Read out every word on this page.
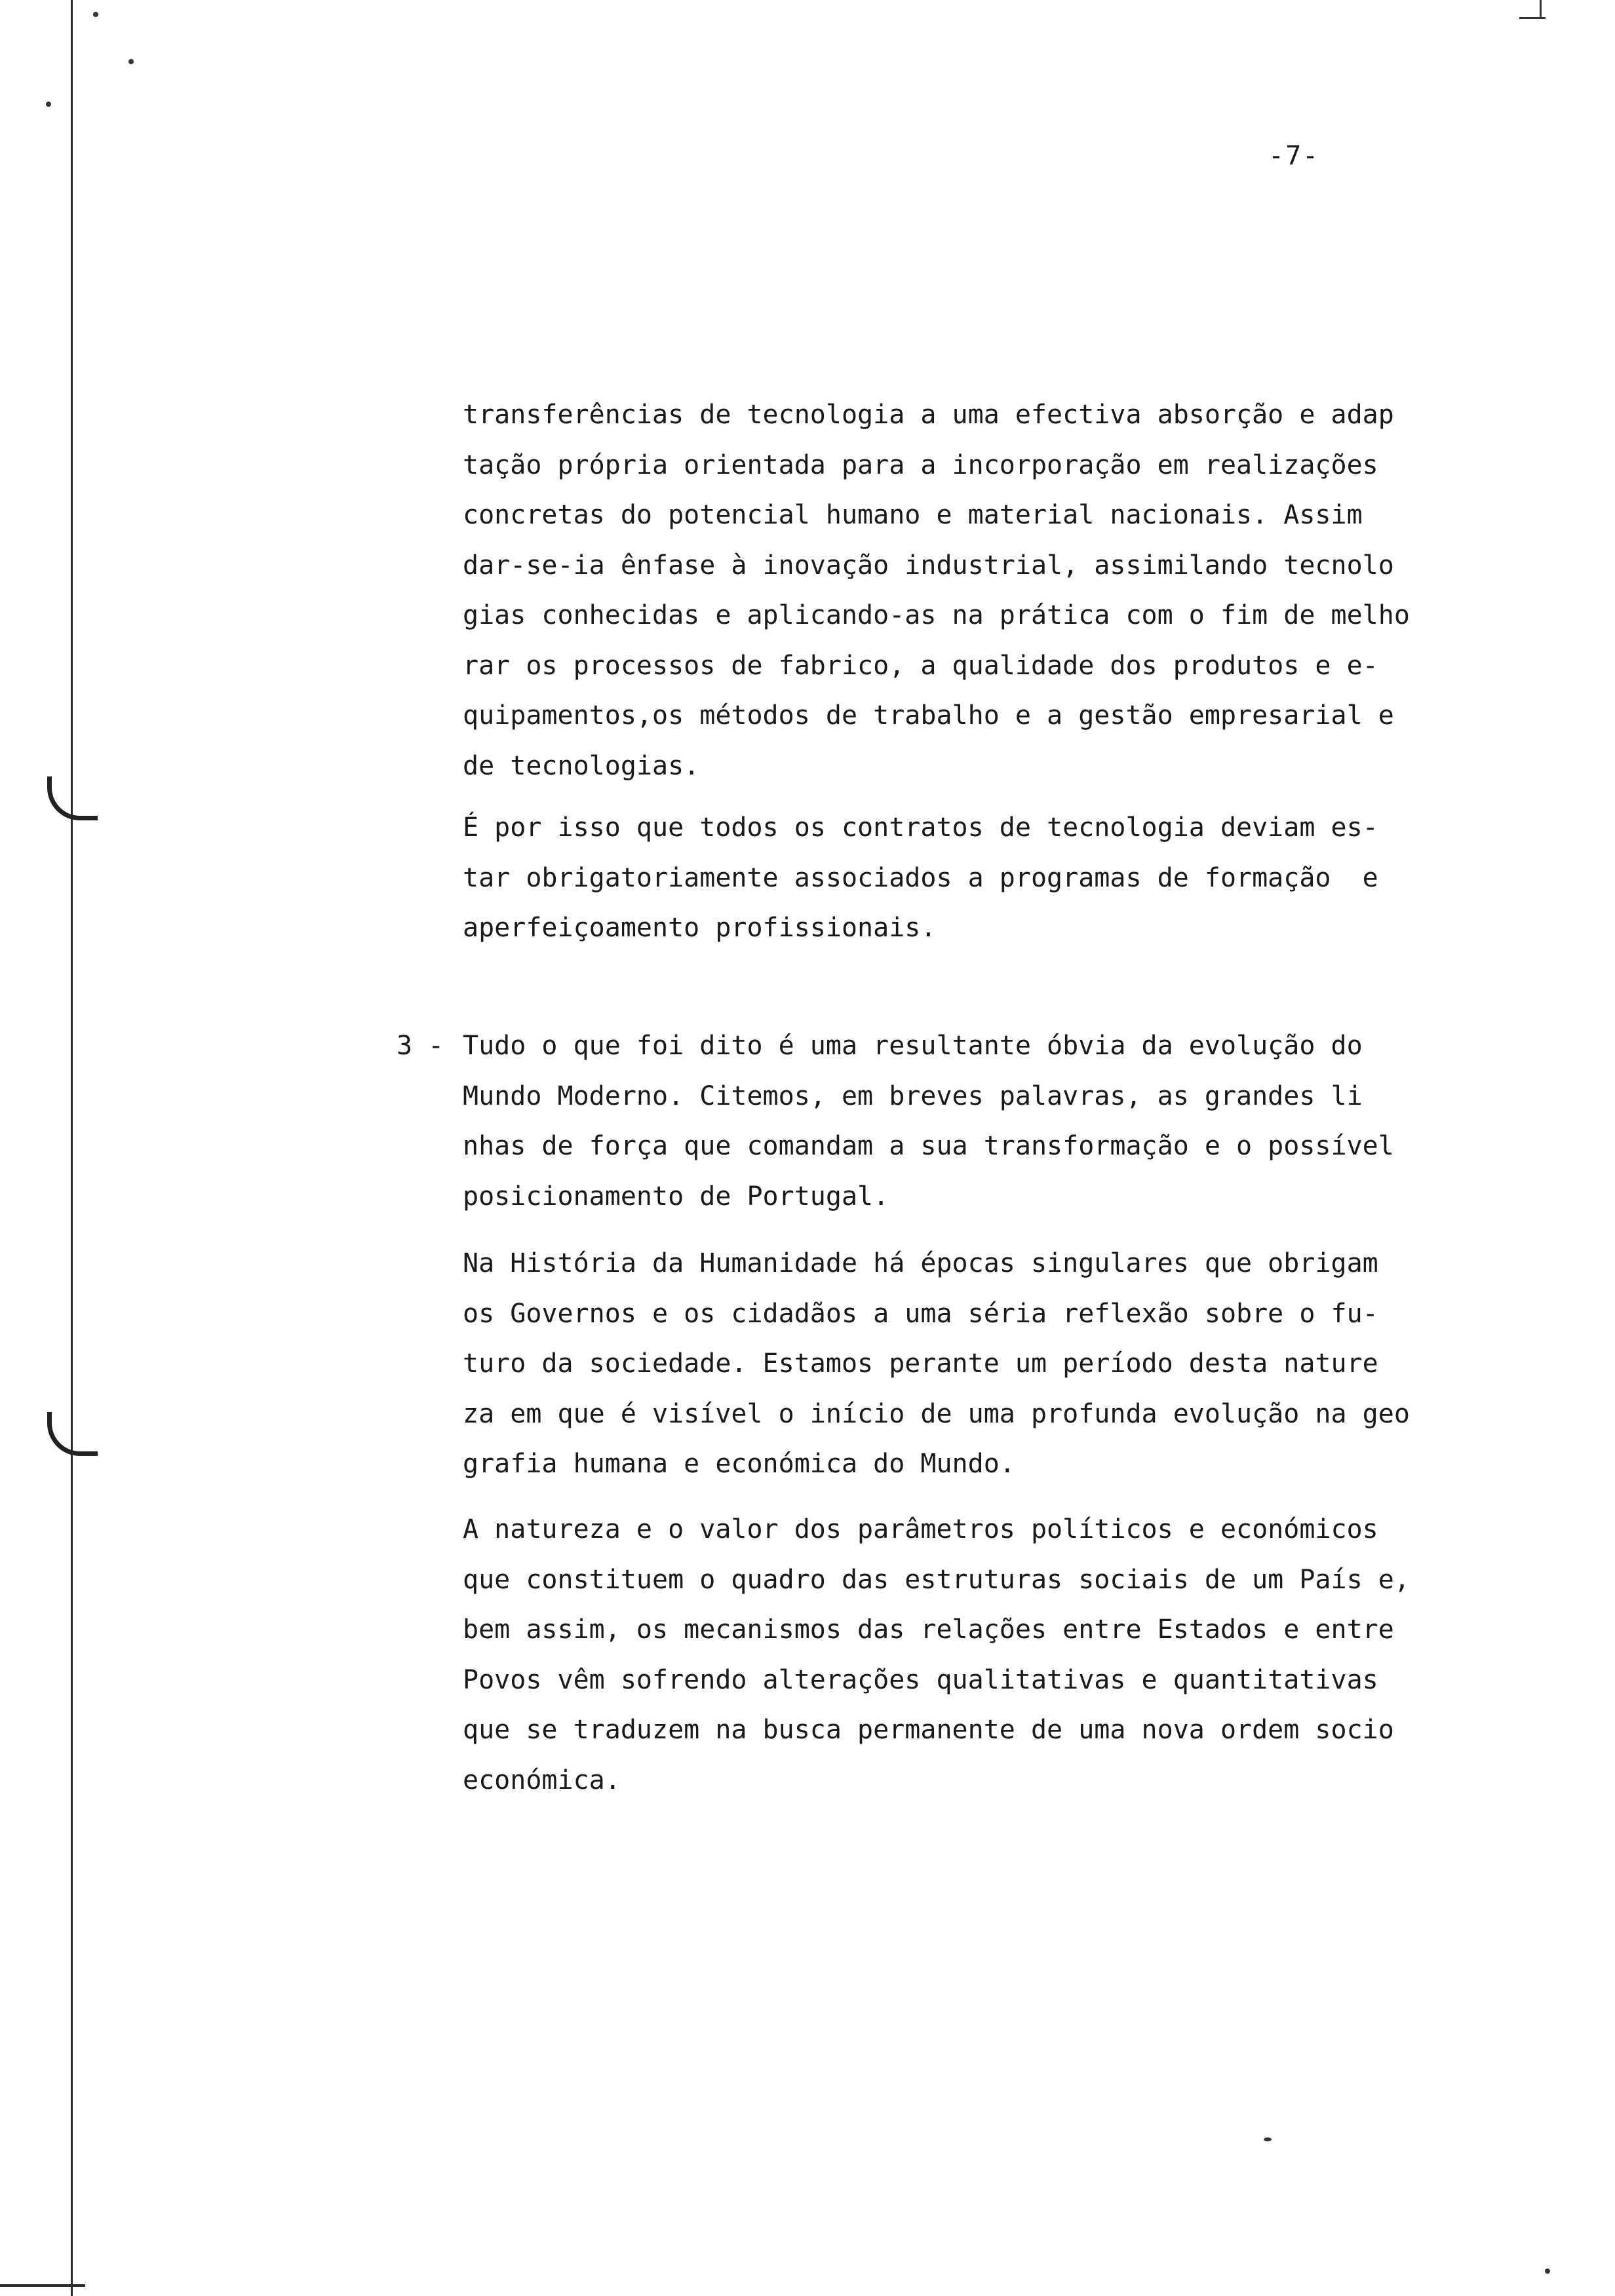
-7-
transferências de tecnologia a uma efectiva absorção e adap
tação própria orientada para a incorporação em realizações
concretas do potencial humano e material nacionais. Assim
dar-se-ia ênfase à inovação industrial, assimilando tecnolo
gias conhecidas e aplicando-as na prática com o fim de melho
rar os processos de fabrico, a qualidade dos produtos e e-
quipamentos,os métodos de trabalho e a gestão empresarial e
de tecnologias.
É por isso que todos os contratos de tecnologia deviam es-
tar obrigatoriamente associados a programas de formação  e
aperfeiçoamento profissionais.
3 - Tudo o que foi dito é uma resultante óbvia da evolução do
Mundo Moderno. Citemos, em breves palavras, as grandes li
nhas de força que comandam a sua transformação e o possível
posicionamento de Portugal.
Na História da Humanidade há épocas singulares que obrigam
os Governos e os cidadãos a uma séria reflexão sobre o fu-
turo da sociedade. Estamos perante um período desta nature
za em que é visível o início de uma profunda evolução na geo
grafia humana e económica do Mundo.
A natureza e o valor dos parâmetros políticos e económicos
que constituem o quadro das estruturas sociais de um País e,
bem assim, os mecanismos das relações entre Estados e entre
Povos vêm sofrendo alterações qualitativas e quantitativas
que se traduzem na busca permanente de uma nova ordem socio
económica.
